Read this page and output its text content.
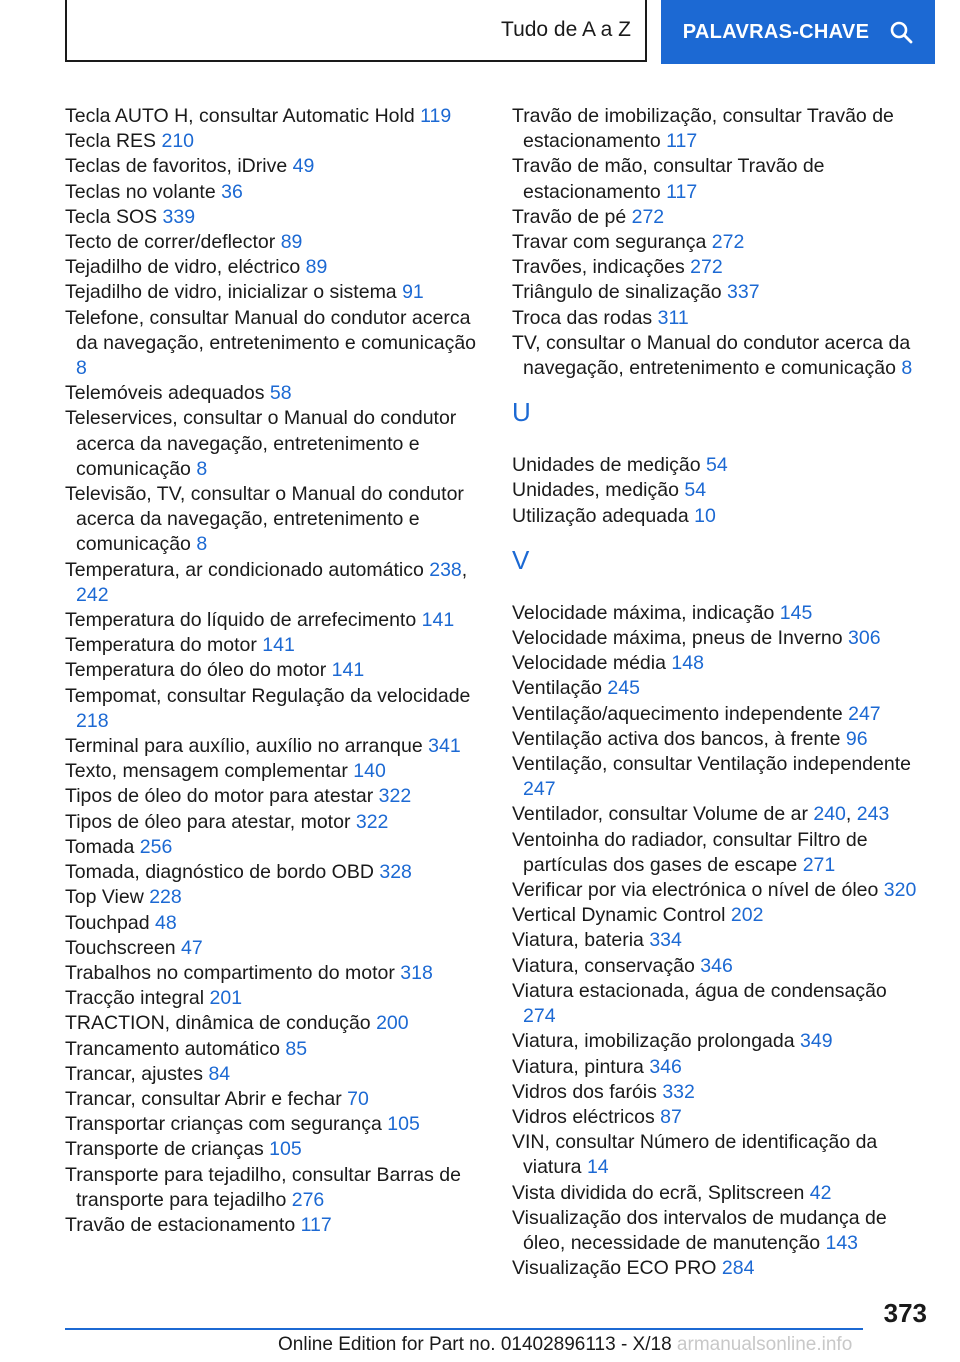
Tudo de A a Z	PALAVRAS-CHAVE
Tecla AUTO H, consultar Automatic Hold 119
Tecla RES 210
Teclas de favoritos, iDrive 49
Teclas no volante 36
Tecla SOS 339
Tecto de correr/deflector 89
Tejadilho de vidro, eléctrico 89
Tejadilho de vidro, inicializar o sistema 91
Telefone, consultar Manual do condutor acerca da navegação, entretenimento e comunicação 8
Telemóveis adequados 58
Teleservices, consultar o Manual do condutor acerca da navegação, entretenimento e comunicação 8
Televisão, TV, consultar o Manual do condutor acerca da navegação, entretenimento e comunicação 8
Temperatura, ar condicionado automático 238, 242
Temperatura do líquido de arrefecimento 141
Temperatura do motor 141
Temperatura do óleo do motor 141
Tempomat, consultar Regulação da velocidade 218
Terminal para auxílio, auxílio no arranque 341
Texto, mensagem complementar 140
Tipos de óleo do motor para atestar 322
Tipos de óleo para atestar, motor 322
Tomada 256
Tomada, diagnóstico de bordo OBD 328
Top View 228
Touchpad 48
Touchscreen 47
Trabalhos no compartimento do motor 318
Tracção integral 201
TRACTION, dinâmica de condução 200
Trancamento automático 85
Trancar, ajustes 84
Trancar, consultar Abrir e fechar 70
Transportar crianças com segurança 105
Transporte de crianças 105
Transporte para tejadilho, consultar Barras de transporte para tejadilho 276
Travão de estacionamento 117
Travão de imobilização, consultar Travão de estacionamento 117
Travão de mão, consultar Travão de estacionamento 117
Travão de pé 272
Travar com segurança 272
Travões, indicações 272
Triângulo de sinalização 337
Troca das rodas 311
TV, consultar o Manual do condutor acerca da navegação, entretenimento e comunicação 8
U
Unidades de medição 54
Unidades, medição 54
Utilização adequada 10
V
Velocidade máxima, indicação 145
Velocidade máxima, pneus de Inverno 306
Velocidade média 148
Ventilação 245
Ventilação/aquecimento independente 247
Ventilação activa dos bancos, à frente 96
Ventilação, consultar Ventilação independente 247
Ventilador, consultar Volume de ar 240, 243
Ventoinha do radiador, consultar Filtro de partículas dos gases de escape 271
Verificar por via electrónica o nível de óleo 320
Vertical Dynamic Control 202
Viatura, bateria 334
Viatura, conservação 346
Viatura estacionada, água de condensação 274
Viatura, imobilização prolongada 349
Viatura, pintura 346
Vidros dos faróis 332
Vidros eléctricos 87
VIN, consultar Número de identificação da viatura 14
Vista dividida do ecrã, Splitscreen 42
Visualização dos intervalos de mudança de óleo, necessidade de manutenção 143
Visualização ECO PRO 284
373
Online Edition for Part no. 01402896113 - X/18 armanualsonline.info
